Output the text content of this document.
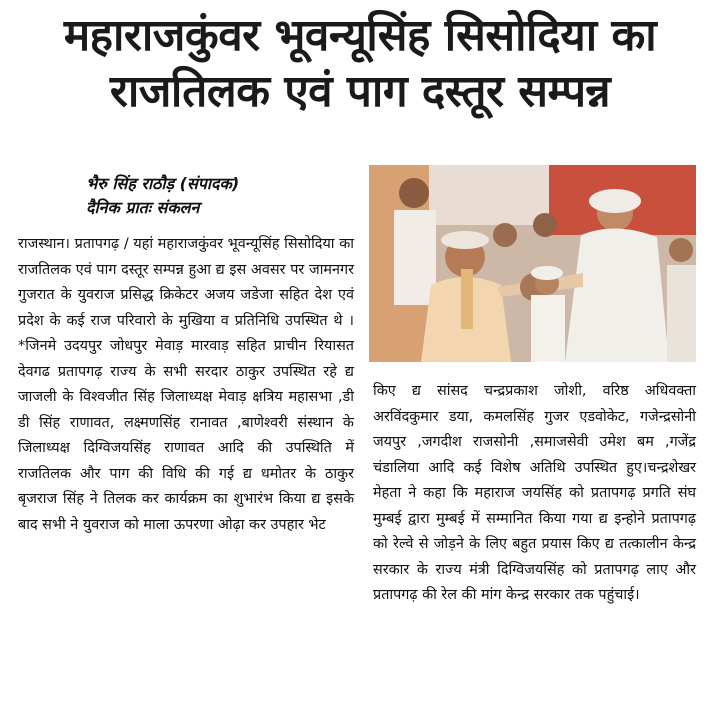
महाराजकुंवर भूवन्यूसिंह सिसोदिया का
राजतिलक एवं पाग दस्तूर सम्पन्न
भैरु सिंह राठौड़ (संपादक)
दैनिक प्रातः संकलन

राजस्थान। प्रतापगढ़ / यहां महाराजकुंवर भूवन्यूसिंह सिसोदिया का राजतिलक एवं पाग दस्तूर सम्पन्न हुआ द्य इस अवसर पर जामनगर गुजरात के युवराज प्रसिद्ध क्रिकेटर अजय जडेजा सहित देश एवं प्रदेश के कई राज परिवारो के मुखिया व प्रतिनिधि उपस्थित थे ।*जिनमे उदयपुर जोधपुर मेवाड़ मारवाड़ सहित प्राचीन रियासत देवगढ प्रतापगढ़ राज्य के सभी सरदार ठाकुर उपस्थित रहे द्य जाजली के विश्वजीत सिंह जिलाध्यक्ष मेवाड़ क्षत्रिय महासभा ,डी डी सिंह राणावत, लक्ष्मणसिंह रानावत ,बाणेश्वरी संस्थान के जिलाध्यक्ष दिग्विजयसिंह राणावत आदि की उपस्थिति में राजतिलक और पाग की विधि की गई द्य धमोतर के ठाकुर बृजराज सिंह ने तिलक कर कार्यक्रम का शुभारंभ किया द्य इसके बाद सभी ने युवराज को माला ऊपरणा ओढ़ा कर उपहार भेट

किए द्य सांसद चन्द्रप्रकाश जोशी, वरिष्ठ अधिवक्ता अरविंदकुमार डया, कमलसिंह गुजर एडवोकेट, गजेन्द्रसोनी जयपुर ,जगदीश राजसोनी ,समाजसेवी उमेश बम ,गजेंद्र चंडालिया आदि कई विशेष अतिथि उपस्थित हुए।चन्द्रशेखर मेहता ने कहा कि महाराज जयसिंह को प्रतापगढ़ प्रगति संघ मुम्बई द्वारा मुम्बई में सम्मानित किया गया द्य इन्होने प्रतापगढ़ को रेल्वे से जोड़ने के लिए बहुत प्रयास किए द्य तत्कालीन केन्द्र सरकार के राज्य मंत्री दिग्विजयसिंह को प्रतापगढ़ लाए और प्रतापगढ़ की रेल की मांग केन्द्र सरकार तक पहुंचाई।
